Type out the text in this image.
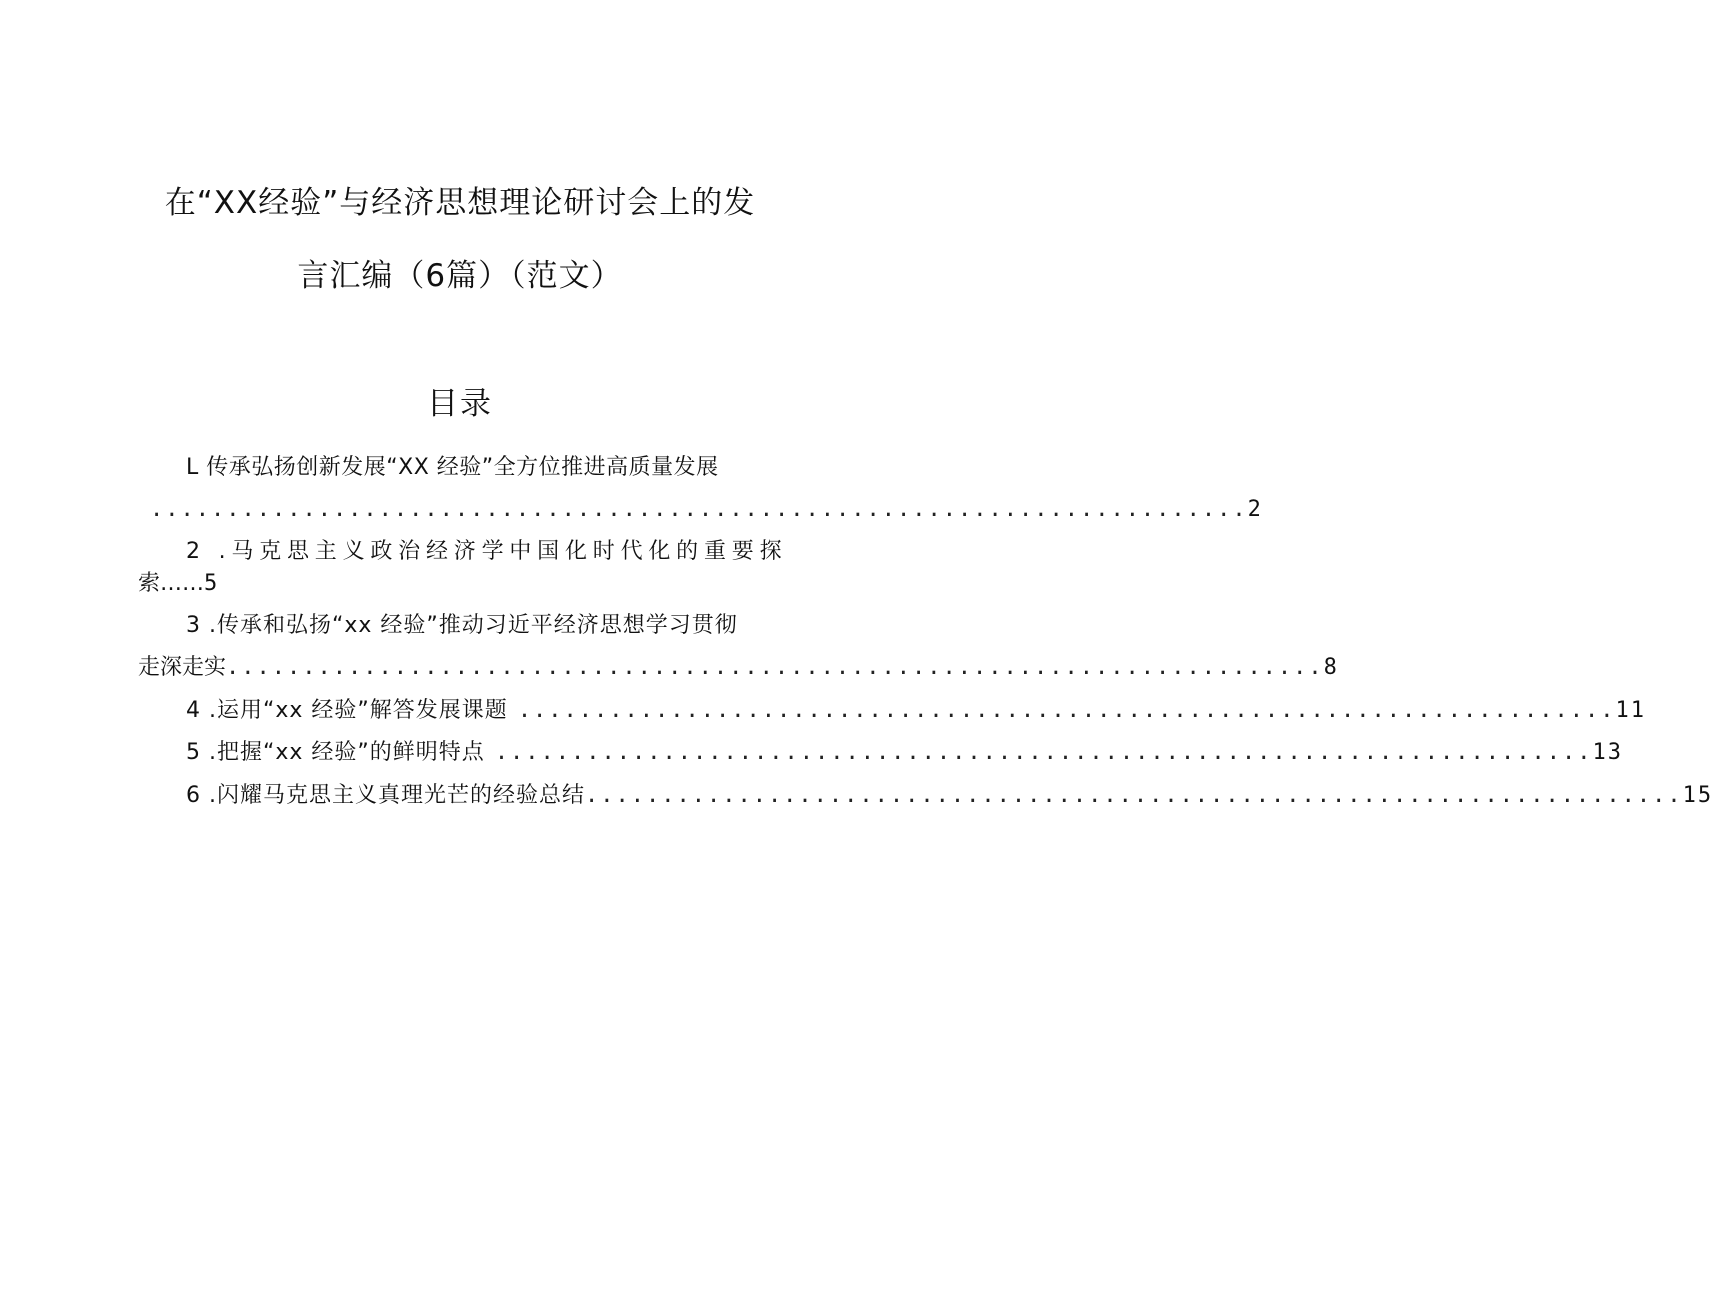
在“XX经验”与经济思想理论研讨会上的发
言汇编（6篇）（范文）
目录
L 传承弘扬创新发展“XX 经验”全方位推进高质量发展
........................................................................ 2
2 .马克思主义政治经济学中国化时代化的重要探
索……5
3 .传承和弘扬“xx 经验”推动习近平经济思想学习贯彻
走深走实 ........................................................................ 8
4 .运用“xx 经验”解答发展课题 ........................................................................ 11
5 .把握“xx 经验”的鲜明特点 ........................................................................ 13
6 .闪耀马克思主义真理光芒的经验总结 ........................................................................ 15
